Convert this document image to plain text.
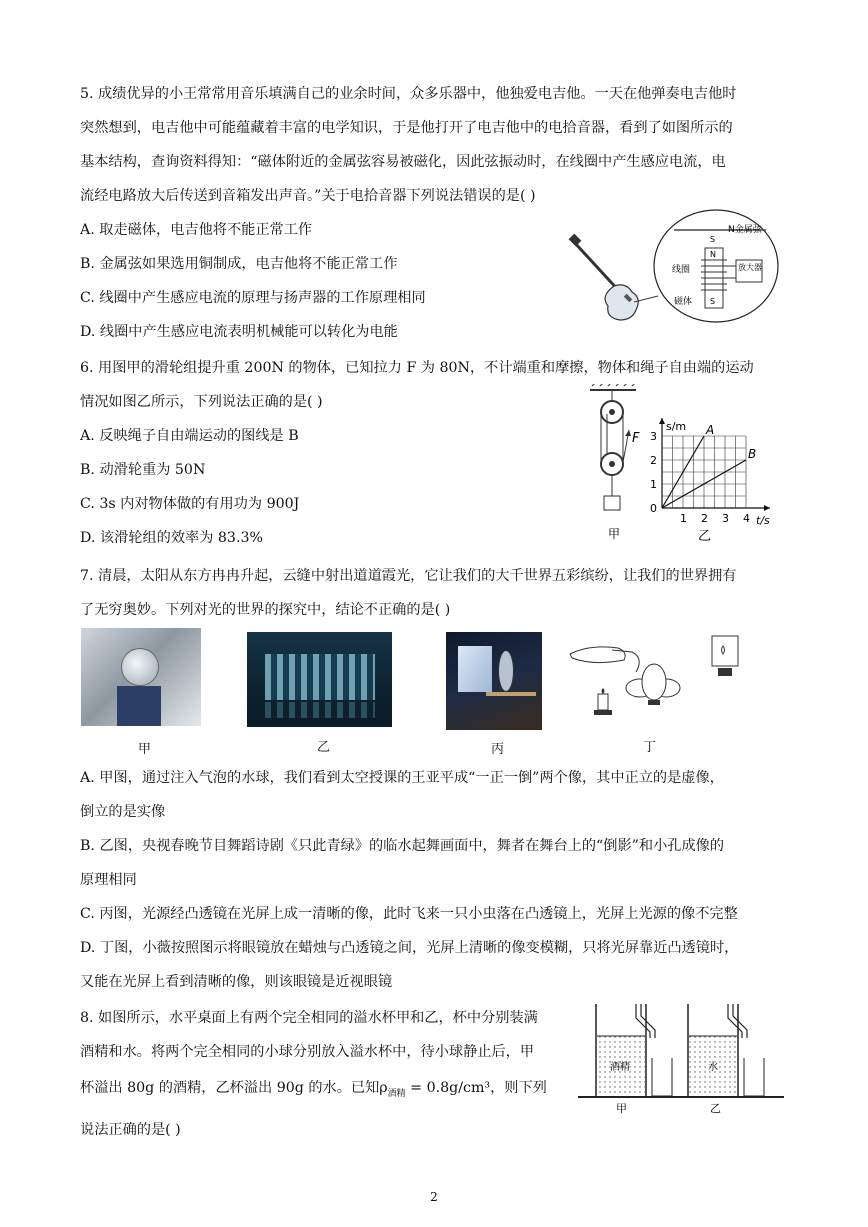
5. 成绩优异的小王常常用音乐填满自己的业余时间，众多乐器中，他独爱电吉他。一天在他弹奏电吉他时
突然想到，电吉他中可能蕴藏着丰富的电学知识，于是他打开了电吉他中的电拾音器，看到了如图所示的
基本结构，查询资料得知：“磁体附近的金属弦容易被磁化，因此弦振动时，在线圈中产生感应电流，电
流经电路放大后传送到音箱发出声音。”关于电拾音器下列说法错误的是( )
A. 取走磁体，电吉他将不能正常工作
B. 金属弦如果选用铜制成，电吉他将不能正常工作
C. 线圈中产生感应电流的原理与扬声器的工作原理相同
D. 线圈中产生感应电流表明机械能可以转化为电能
N金属弦
S
N
S
放大器
线圈
磁体
6. 用图甲的滑轮组提升重 200N 的物体，已知拉力 F 为 80N，不计端重和摩擦，物体和绳子自由端的运动
情况如图乙所示，下列说法正确的是( )
A. 反映绳子自由端运动的图线是 B
B. 动滑轮重为 50N
C. 3s 内对物体做的有用功为 900J
D. 该滑轮组的效率为 83.3%
F
甲
1 2 3 4
0
1
2
3
t/s
s/m A
B
乙
7. 清晨，太阳从东方冉冉升起，云缝中射出道道霞光，它让我们的大千世界五彩缤纷，让我们的世界拥有
了无穷奥妙。下列对光的世界的探究中，结论不正确的是( )
甲	乙	丙	丁
A. 甲图，通过注入气泡的水球，我们看到太空授课的王亚平成“一正一倒”两个像，其中正立的是虚像，
倒立的是实像
B. 乙图，央视春晚节目舞蹈诗剧《只此青绿》的临水起舞画面中，舞者在舞台上的“倒影”和小孔成像的
原理相同
C. 丙图，光源经凸透镜在光屏上成一清晰的像，此时飞来一只小虫落在凸透镜上，光屏上光源的像不完整
D. 丁图，小薇按照图示将眼镜放在蜡烛与凸透镜之间，光屏上清晰的像变模糊，只将光屏靠近凸透镜时，
又能在光屏上看到清晰的像，则该眼镜是近视眼镜
8. 如图所示，水平桌面上有两个完全相同的溢水杯甲和乙，杯中分别装满
酒精和水。将两个完全相同的小球分别放入溢水杯中，待小球静止后，甲
杯溢出 80g 的酒精，乙杯溢出 90g 的水。已知$\rho_{酒精} = 0.8g/cm^3$，则下列
说法正确的是( )
酒精
甲
水
乙
2
